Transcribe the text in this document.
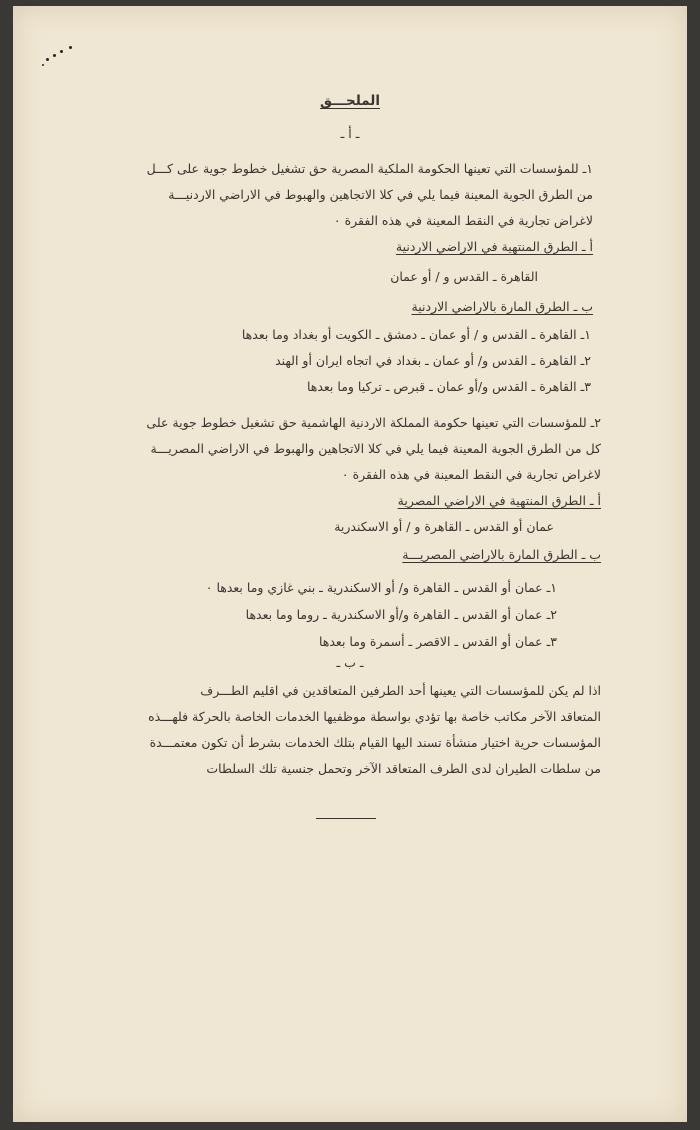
الملحـــق
ـ أ ـ
١ـ للمؤسسات التي تعينها الحكومة الملكية المصرية حق تشغيل خطوط جوية على كـــل
من الطرق الجوية المعينة فيما يلي في كلا الاتجاهين والهبوط في الاراضي الاردنيـــة
لاغراض تجارية في النقط المعينة في هذه الفقرة ٠
أ ـ الطرق المنتهية في الاراضي الاردنية
القاهرة ـ القدس و / أو عمان
ب ـ الطرق المارة بالاراضي الاردنية
١ـ القاهرة ـ القدس و / أو عمان ـ دمشق ـ الكويت أو بغداد وما بعدها
٢ـ القاهرة ـ القدس و/ أو عمان ـ بغداد في اتجاه ايران أو الهند
٣ـ القاهرة ـ القدس و/أو عمان ـ قبرص ـ تركيا وما بعدها
٢ـ للمؤسسات التي تعينها حكومة المملكة الاردنية الهاشمية حق تشغيل خطوط جوية على
كل من الطرق الجوية المعينة فيما يلي في كلا الاتجاهين والهبوط في الاراضي المصريـــة
لاغراض تجارية في النقط المعينة في هذه الفقرة ٠
أ ـ الطرق المنتهية في الاراضي المصرية
عمان أو القدس ـ القاهرة و / أو الاسكندرية
ب ـ الطرق المارة بالاراضي المصريـــة
١ـ عمان أو القدس ـ القاهرة و/ أو الاسكندرية ـ بني غازي وما بعدها ٠
٢ـ عمان أو القدس ـ القاهرة و/أو الاسكندرية ـ روما وما بعدها
٣ـ عمان أو القدس ـ الاقصر ـ أسمرة وما بعدها
ـ ب ـ
اذا لم يكن للمؤسسات التي يعينها أحد الطرفين المتعاقدين في اقليم الطـــرف
المتعاقد الآخر مكاتب خاصة بها تؤدي بواسطة موظفيها الخدمات الخاصة بالحركة فلهـــذه
المؤسسات حرية اختيار منشأة تسند اليها القيام بتلك الخدمات بشرط أن تكون معتمـــدة
من سلطات الطيران لدى الطرف المتعاقد الآخر وتحمل جنسية تلك السلطات
